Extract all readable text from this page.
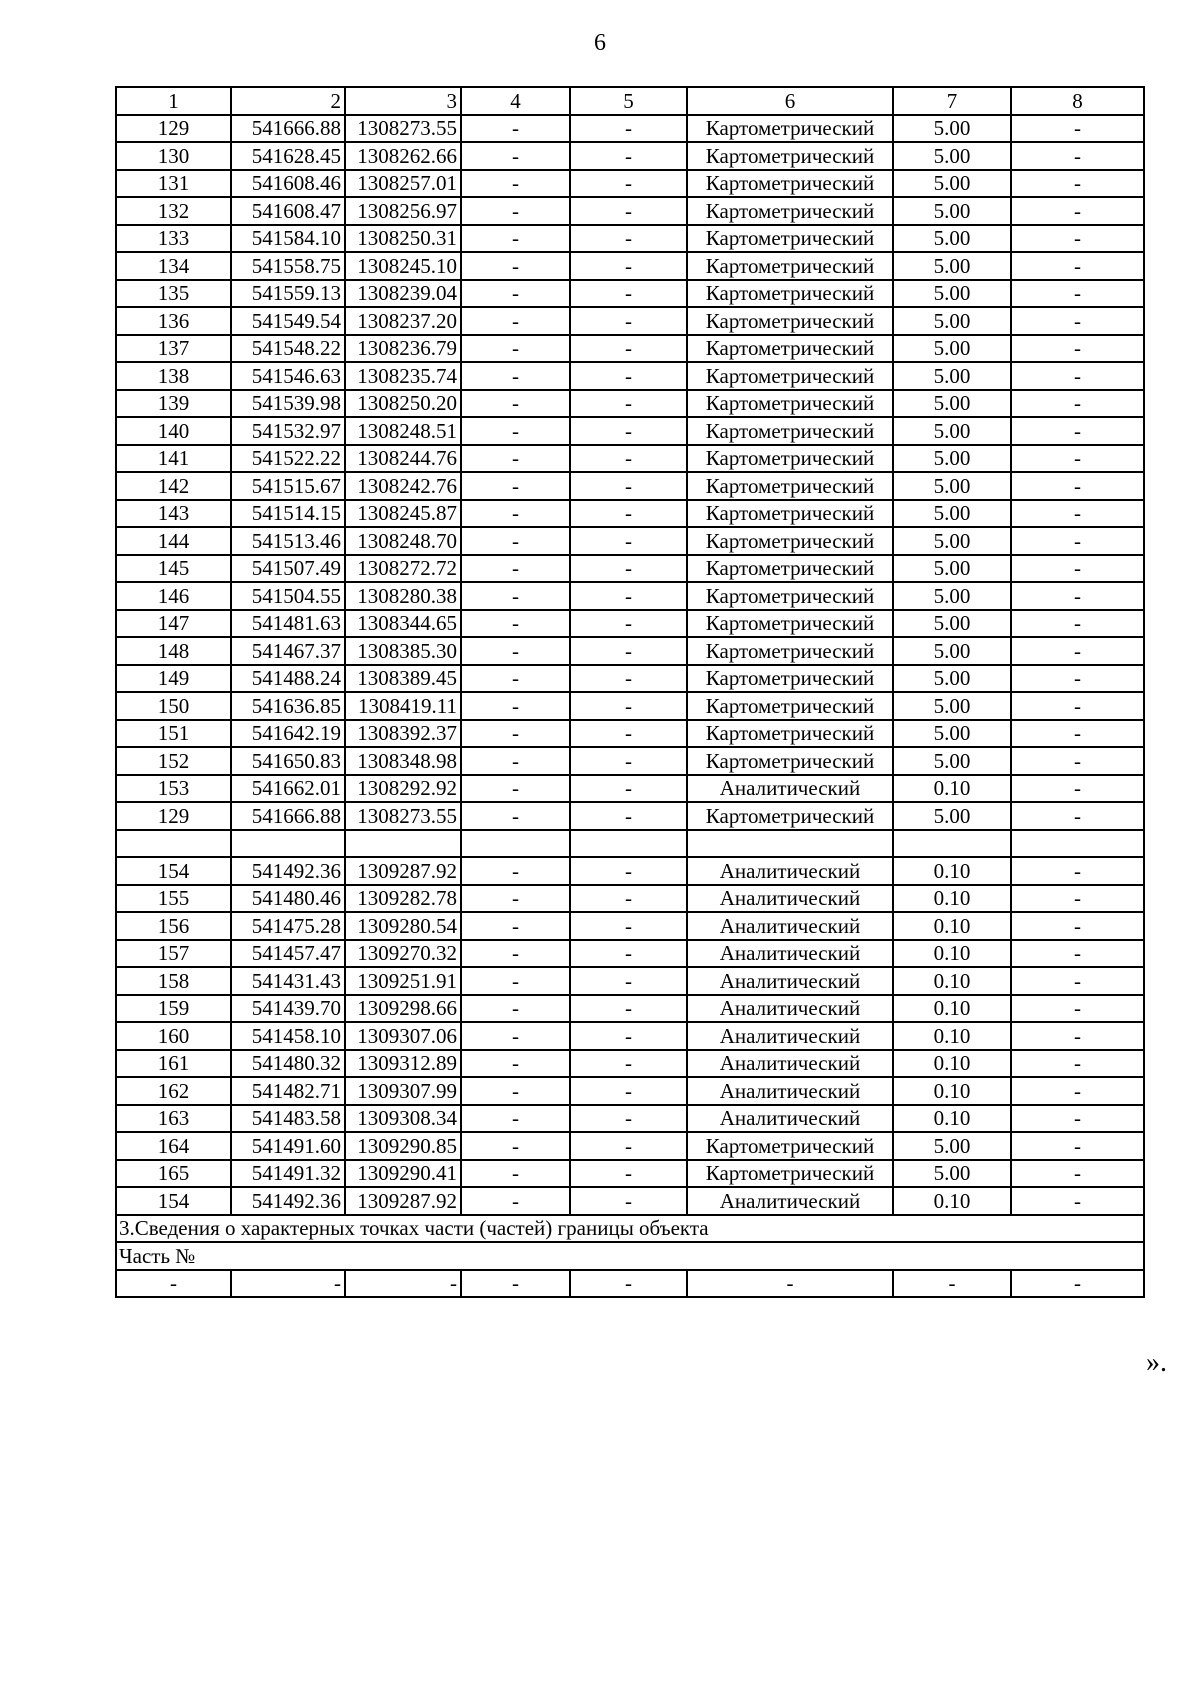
6
1	2	3	4	5	6	7	8
129	541666.88	1308273.55	-	-	Картометрический	5.00	-
130	541628.45	1308262.66	-	-	Картометрический	5.00	-
131	541608.46	1308257.01	-	-	Картометрический	5.00	-
132	541608.47	1308256.97	-	-	Картометрический	5.00	-
133	541584.10	1308250.31	-	-	Картометрический	5.00	-
134	541558.75	1308245.10	-	-	Картометрический	5.00	-
135	541559.13	1308239.04	-	-	Картометрический	5.00	-
136	541549.54	1308237.20	-	-	Картометрический	5.00	-
137	541548.22	1308236.79	-	-	Картометрический	5.00	-
138	541546.63	1308235.74	-	-	Картометрический	5.00	-
139	541539.98	1308250.20	-	-	Картометрический	5.00	-
140	541532.97	1308248.51	-	-	Картометрический	5.00	-
141	541522.22	1308244.76	-	-	Картометрический	5.00	-
142	541515.67	1308242.76	-	-	Картометрический	5.00	-
143	541514.15	1308245.87	-	-	Картометрический	5.00	-
144	541513.46	1308248.70	-	-	Картометрический	5.00	-
145	541507.49	1308272.72	-	-	Картометрический	5.00	-
146	541504.55	1308280.38	-	-	Картометрический	5.00	-
147	541481.63	1308344.65	-	-	Картометрический	5.00	-
148	541467.37	1308385.30	-	-	Картометрический	5.00	-
149	541488.24	1308389.45	-	-	Картометрический	5.00	-
150	541636.85	1308419.11	-	-	Картометрический	5.00	-
151	541642.19	1308392.37	-	-	Картометрический	5.00	-
152	541650.83	1308348.98	-	-	Картометрический	5.00	-
153	541662.01	1308292.92	-	-	Аналитический	0.10	-
129	541666.88	1308273.55	-	-	Картометрический	5.00	-

154	541492.36	1309287.92	-	-	Аналитический	0.10	-
155	541480.46	1309282.78	-	-	Аналитический	0.10	-
156	541475.28	1309280.54	-	-	Аналитический	0.10	-
157	541457.47	1309270.32	-	-	Аналитический	0.10	-
158	541431.43	1309251.91	-	-	Аналитический	0.10	-
159	541439.70	1309298.66	-	-	Аналитический	0.10	-
160	541458.10	1309307.06	-	-	Аналитический	0.10	-
161	541480.32	1309312.89	-	-	Аналитический	0.10	-
162	541482.71	1309307.99	-	-	Аналитический	0.10	-
163	541483.58	1309308.34	-	-	Аналитический	0.10	-
164	541491.60	1309290.85	-	-	Картометрический	5.00	-
165	541491.32	1309290.41	-	-	Картометрический	5.00	-
154	541492.36	1309287.92	-	-	Аналитический	0.10	-
3.Сведения о характерных точках части (частей) границы объекта							
Часть №							
-	-	-	-	-	-	-	-
».
